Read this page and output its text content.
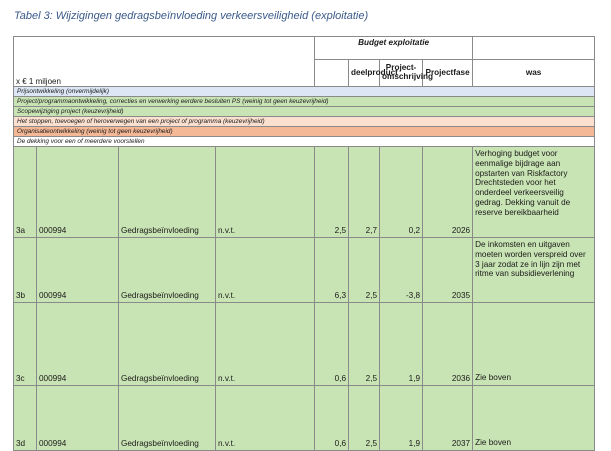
Tabel 3: Wijzigingen gedragsbeïnvloeding verkeersveiligheid (exploitatie)
x € 1 miljoen				Budget exploitatie					
					deelproduct	Project-omschrijving	Projectfase	was				
Prijsontwikkeling (onvermijdelijk)									
Project/programmaontwikkeling, correcties en verwerking eerdere besluiten PS (weinig tot geen keuzevrijheid)									
Scopewijziging project (keuzevrijheid)									
Het stoppen, toevoegen of heroverwegen van een project of programma (keuzevrijheid)									
Organisatieontwikkeling (weinig tot geen keuzevrijheid)									
De dekking voor een of meerdere voorstellen									
3a	000994	Gedragsbeïnvloeding	n.v.t.	2,5	2,7	0,2	2026	Verhoging budget voor eenmalige bijdrage aan opstarten van Riskfactory Drechtsteden voor het onderdeel verkeersveilig gedrag. Dekking vanuit de reserve bereikbaarheid	
3b	000994	Gedragsbeïnvloeding	n.v.t.	6,3	2,5	-3,8	2035	De inkomsten en uitgaven moeten worden verspreid over 3 jaar zodat ze in lijn zijn met ritme van subsidieverlening	
3c	000994	Gedragsbeïnvloeding	n.v.t.	0,6	2,5	1,9	2036	Zie boven	
3d	000994	Gedragsbeïnvloeding	n.v.t.	0,6	2,5	1,9	2037	Zie boven	
